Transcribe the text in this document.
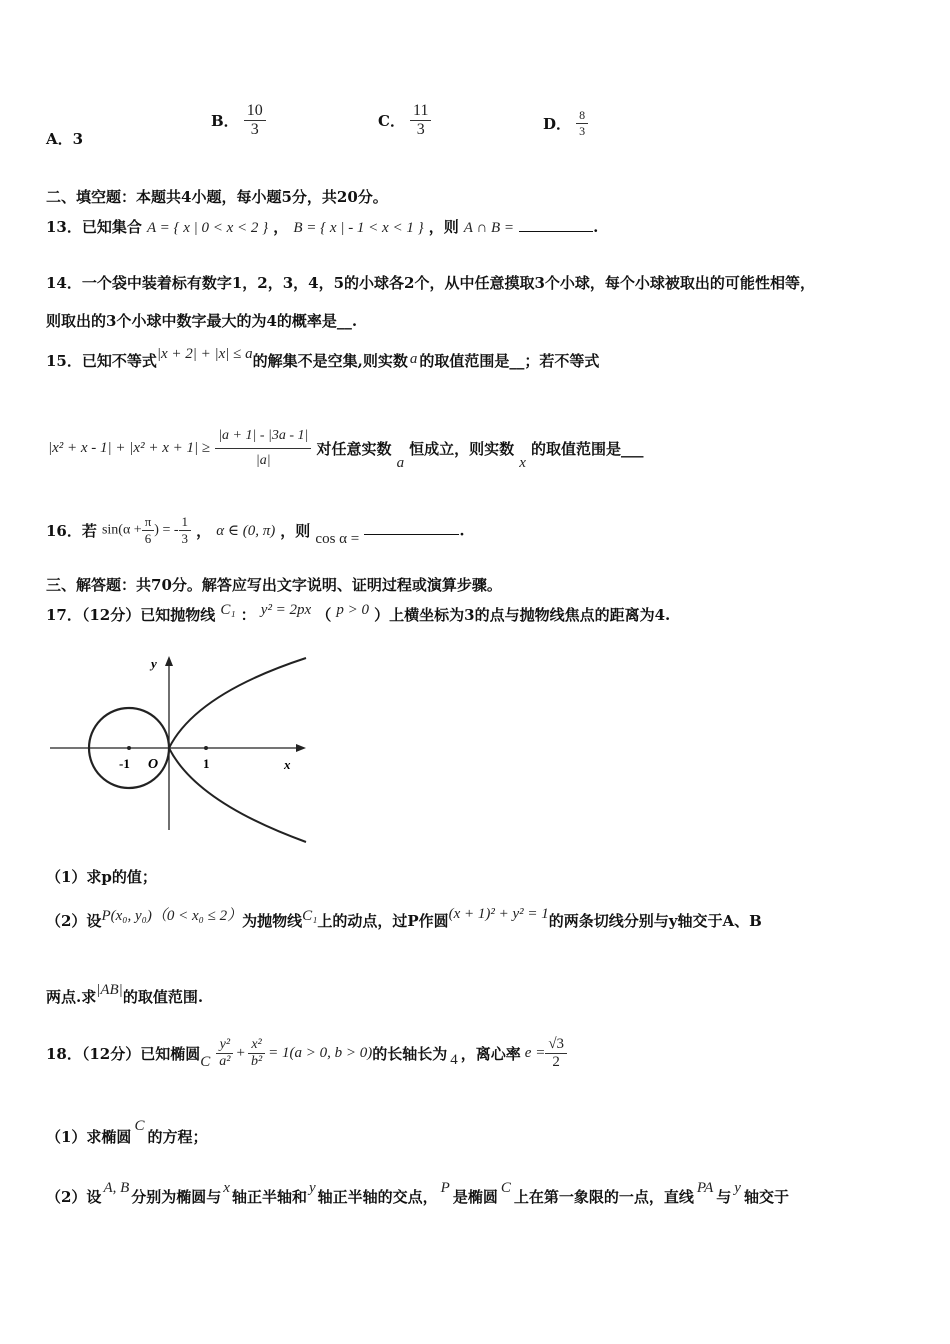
A．3
B． $\frac{10}{3}$	C． $\frac{11}{3}$	D． $\frac{8}{3}$
二、填空题：本题共4小题，每小题5分，共20分。
13．已知集合 A = { x | 0 < x < 2 } ， B = { x | - 1 < x < 1 } ，则 A ∩ B =	.
14．一个袋中装着标有数字1，2，3，4，5的小球各2个，从中任意摸取3个小球，每个小球被取出的可能性相等，
则取出的3个小球中数字最大的为4的概率是__.
15．已知不等式|x + 2| + |x| ≤ a的解集不是空集,则实数 a 的取值范围是__；若不等式
$|x^2 + x - 1| + |x^2 + x + 1| \ge \frac{|a + 1| - |3a - 1|}{|a|}$ 对任意实数 a 恒成立，则实数 x 的取值范围是___
16．若 $\sin(\alpha + \frac{\pi}{6}$ ) = - $\frac{1}{3}$ ， α ∈ (0, π) ，则 cos α =	.
三、解答题：共70分。解答应写出文字说明、证明过程或演算步骤。
17．（12分）已知抛物线 C₁ ： y² = 2px （ p > 0 ）上横坐标为3的点与抛物线焦点的距离为4.
y
x
-1 O	1
（1）求p的值；
（2）设P(x₀, y₀)（0 < x₀ ≤ 2）为抛物线C₁上的动点，过P作圆(x + 1)² + y² = 1的两条切线分别与y轴交于A、B
两点.求|AB|的取值范围.
18．（12分）已知椭圆C $\frac{\text{y²}}{\text{a²}} + \frac{\text{x²}}{\text{b²}} = 1(a > 0$, b > 0)的长轴长为 4 ，离心率 $e = \frac{√3}{2}$
（1）求椭圆C的方程；
（2）设 A, B 分别为椭圆与 x 轴正半轴和 y 轴正半轴的交点， P 是椭圆 C 上在第一象限的一点，直线 PA 与 y 轴交于
